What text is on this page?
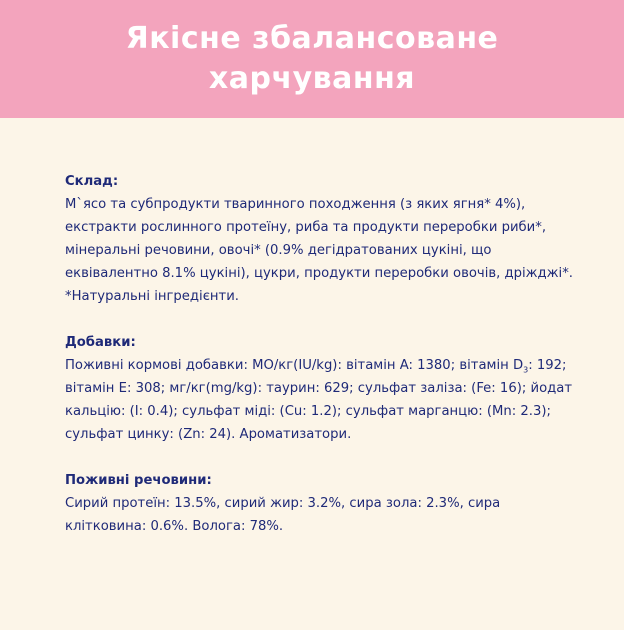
Якісне збалансоване
харчування
Склад:
М`ясо та субпродукти тваринного походження (з яких ягня* 4%), екстракти рослинного протеїну, риба та продукти переробки риби*, мінеральні речовини, овочі* (0.9% дегідратованих цукіні, що еквівалентно 8.1% цукіні), цукри, продукти переробки овочів, дріжджі*.
*Натуральні інгредієнти.
Добавки:
Поживні кормові добавки: МО/кг(IU/kg): вітамін A: 1380; вітамін $D_3$: 192; вітамін E: 308; мг/кг(mg/kg): таурин: 629; сульфат заліза: (Fe: 16); йодат кальцію: (I: 0.4); сульфат міді: (Cu: 1.2); сульфат марганцю: (Mn: 2.3); сульфат цинку: (Zn: 24). Ароматизатори.
Поживні речовини:
Сирий протеїн: 13.5%, сирий жир: 3.2%, сира зола: 2.3%, сира клітковина: 0.6%. Волога: 78%.
